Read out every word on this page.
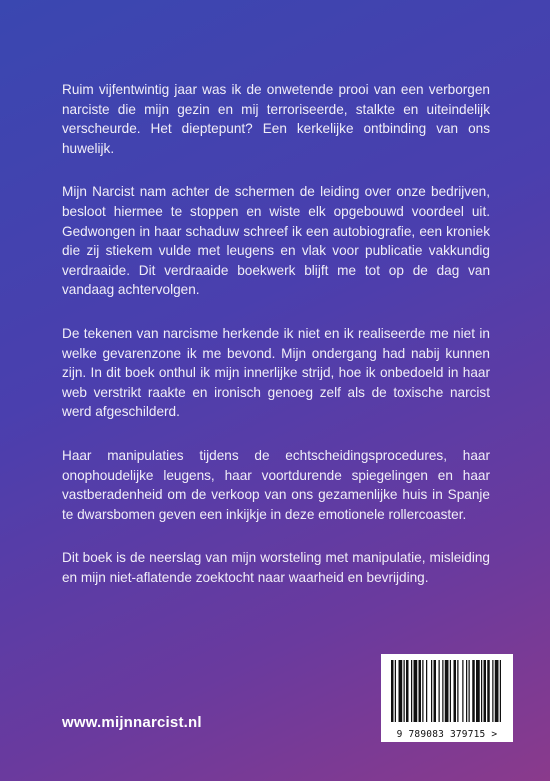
Ruim vijfentwintig jaar was ik de onwetende prooi van een verborgen narciste die mijn gezin en mij terroriseerde, stalkte en uiteindelijk verscheurde. Het dieptepunt? Een kerkelijke ontbinding van ons huwelijk.

Mijn Narcist nam achter de schermen de leiding over onze bedrijven, besloot hiermee te stoppen en wiste elk opgebouwd voordeel uit. Gedwongen in haar schaduw schreef ik een autobiografie, een kroniek die zij stiekem vulde met leugens en vlak voor publicatie vakkundig verdraaide. Dit verdraaide boekwerk blijft me tot op de dag van vandaag achtervolgen.

De tekenen van narcisme herkende ik niet en ik realiseerde me niet in welke gevarenzone ik me bevond. Mijn ondergang had nabij kunnen zijn. In dit boek onthul ik mijn innerlijke strijd, hoe ik onbedoeld in haar web verstrikt raakte en ironisch genoeg zelf als de toxische narcist werd afgeschilderd.

Haar manipulaties tijdens de echtscheidingsprocedures, haar onophoudelijke leugens, haar voortdurende spiegelingen en haar vastberadenheid om de verkoop van ons gezamenlijke huis in Spanje te dwarsbomen geven een inkijkje in deze emotionele rollercoaster.

Dit boek is de neerslag van mijn worsteling met manipulatie, misleiding en mijn niet-aflatende zoektocht naar waarheid en bevrijding.

www.mijnnarcist.nl
9 789083 379715 >
